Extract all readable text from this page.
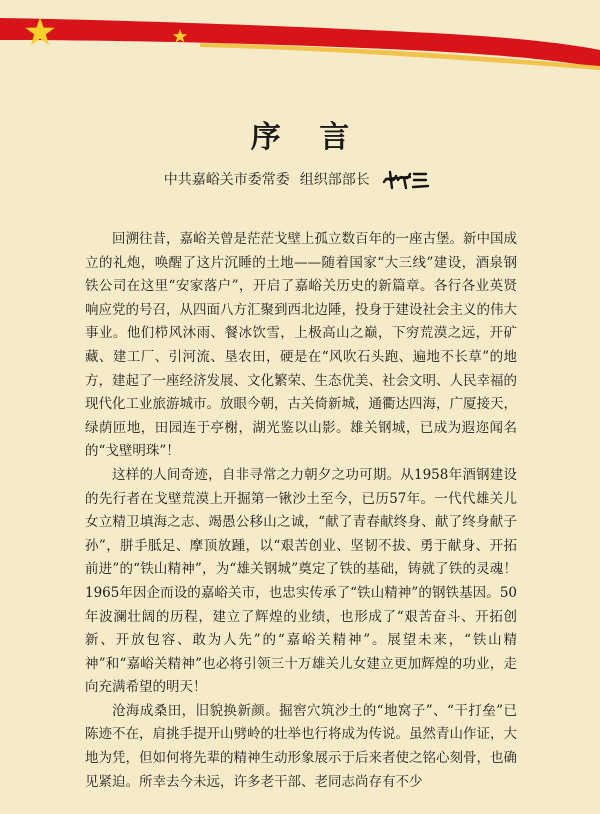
序 言
中共嘉峪关市委常委 组织部部长

回溯往昔，嘉峪关曾是茫茫戈壁上孤立数百年的一座古堡。新中国成立的礼炮，唤醒了这片沉睡的土地——随着国家“大三线”建设，酒泉钢铁公司在这里“安家落户”，开启了嘉峪关历史的新篇章。各行各业英贤响应党的号召，从四面八方汇聚到西北边陲，投身于建设社会主义的伟大事业。他们栉风沐雨、餐冰饮雪，上极高山之巅，下穷荒漠之远，开矿藏、建工厂、引河流、垦农田，硬是在“风吹石头跑、遍地不长草”的地方，建起了一座经济发展、文化繁荣、生态优美、社会文明、人民幸福的现代化工业旅游城市。放眼今朝，古关倚新城，通衢达四海，广厦接天，绿荫匝地，田园连于亭榭，湖光鉴以山影。雄关钢城，已成为遐迩闻名的“戈壁明珠”！

这样的人间奇迹，自非寻常之力朝夕之功可期。从1958年酒钢建设的先行者在戈壁荒漠上开掘第一锹沙土至今，已历57年。一代代雄关儿女立精卫填海之志、竭愚公移山之诚，“献了青春献终身、献了终身献子孙”，胼手胝足、摩顶放踵，以“艰苦创业、坚韧不拔、勇于献身、开拓前进”的“铁山精神”，为“雄关钢城”奠定了铁的基础，铸就了铁的灵魂！1965年因企而设的嘉峪关市，也忠实传承了“铁山精神”的钢铁基因。50年波澜壮阔的历程，建立了辉煌的业绩，也形成了“艰苦奋斗、开拓创新、开放包容、敢为人先”的“嘉峪关精神”。展望未来，“铁山精神”和“嘉峪关精神”也必将引领三十万雄关儿女建立更加辉煌的功业，走向充满希望的明天！

沧海成桑田，旧貌换新颜。掘窖穴筑沙土的“地窝子”、“干打垒”已陈迹不在，肩挑手提开山劈岭的壮举也行将成为传说。虽然青山作证，大地为凭，但如何将先辈的精神生动形象展示于后来者使之铭心刻骨，也确见紧迫。所幸去今未远，许多老干部、老同志尚存有不少
